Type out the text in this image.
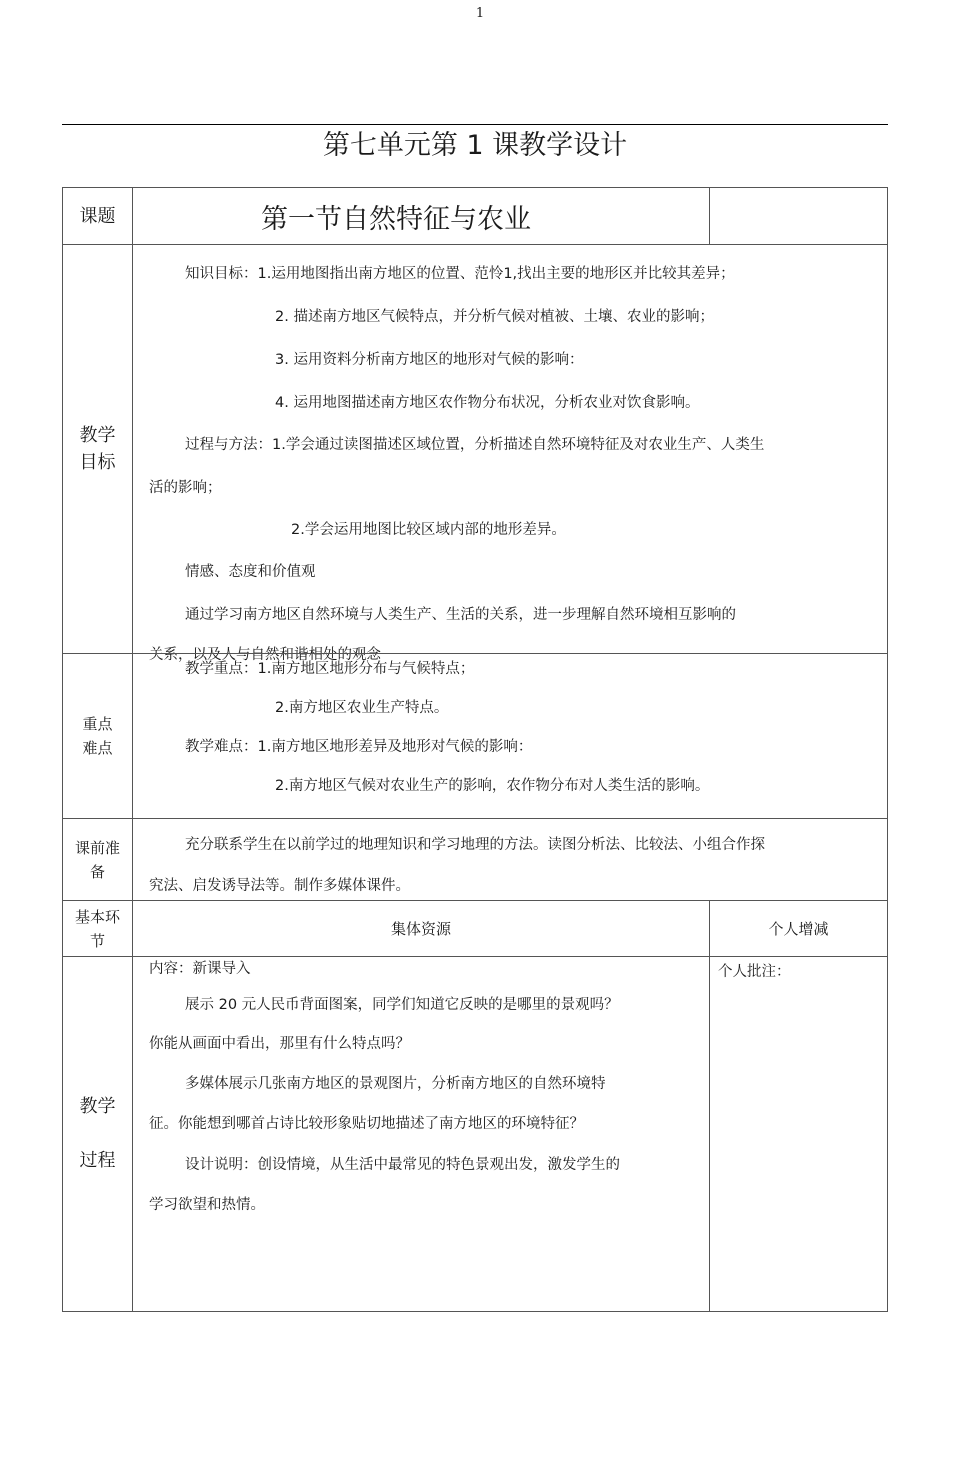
1
第七单元第 1 课教学设计
课题	第一节自然特征与农业
教学
目标
知识目标：1.运用地图指出南方地区的位置、范怜1,找出主要的地形区并比较其差异；
2. 描述南方地区气候特点，并分析气候对植被、土壤、农业的影响；
3. 运用资料分析南方地区的地形对气候的影响：
4. 运用地图描述南方地区农作物分布状况，分析农业对饮食影响。
过程与方法：1.学会通过读图描述区域位置，分析描述自然环境特征及对农业生产、人类生
活的影响；
2.学会运用地图比较区域内部的地形差异。
情感、态度和价值观
通过学习南方地区自然环境与人类生产、生活的关系，进一步理解自然环境相互影响的
关系，以及人与自然和谐相处的观念
重点
难点
教学重点：1.南方地区地形分布与气候特点；
2.南方地区农业生产特点。
教学难点：1.南方地区地形差异及地形对气候的影响：
2.南方地区气候对农业生产的影响，农作物分布对人类生活的影响。
课前准
备
充分联系学生在以前学过的地理知识和学习地理的方法。读图分析法、比较法、小组合作探
究法、启发诱导法等。制作多媒体课件。
基本环
节
集体资源	个人增减
教学
过程
内容：新课导入
展示 20 元人民币背面图案，同学们知道它反映的是哪里的景观吗？
你能从画面中看出，那里有什么特点吗？
多媒体展示几张南方地区的景观图片，分析南方地区的自然环境特
征。你能想到哪首占诗比较形象贴切地描述了南方地区的环境特征？
设计说明：创设情境，从生活中最常见的特色景观出发，激发学生的
学习欲望和热情。
个人批注：
